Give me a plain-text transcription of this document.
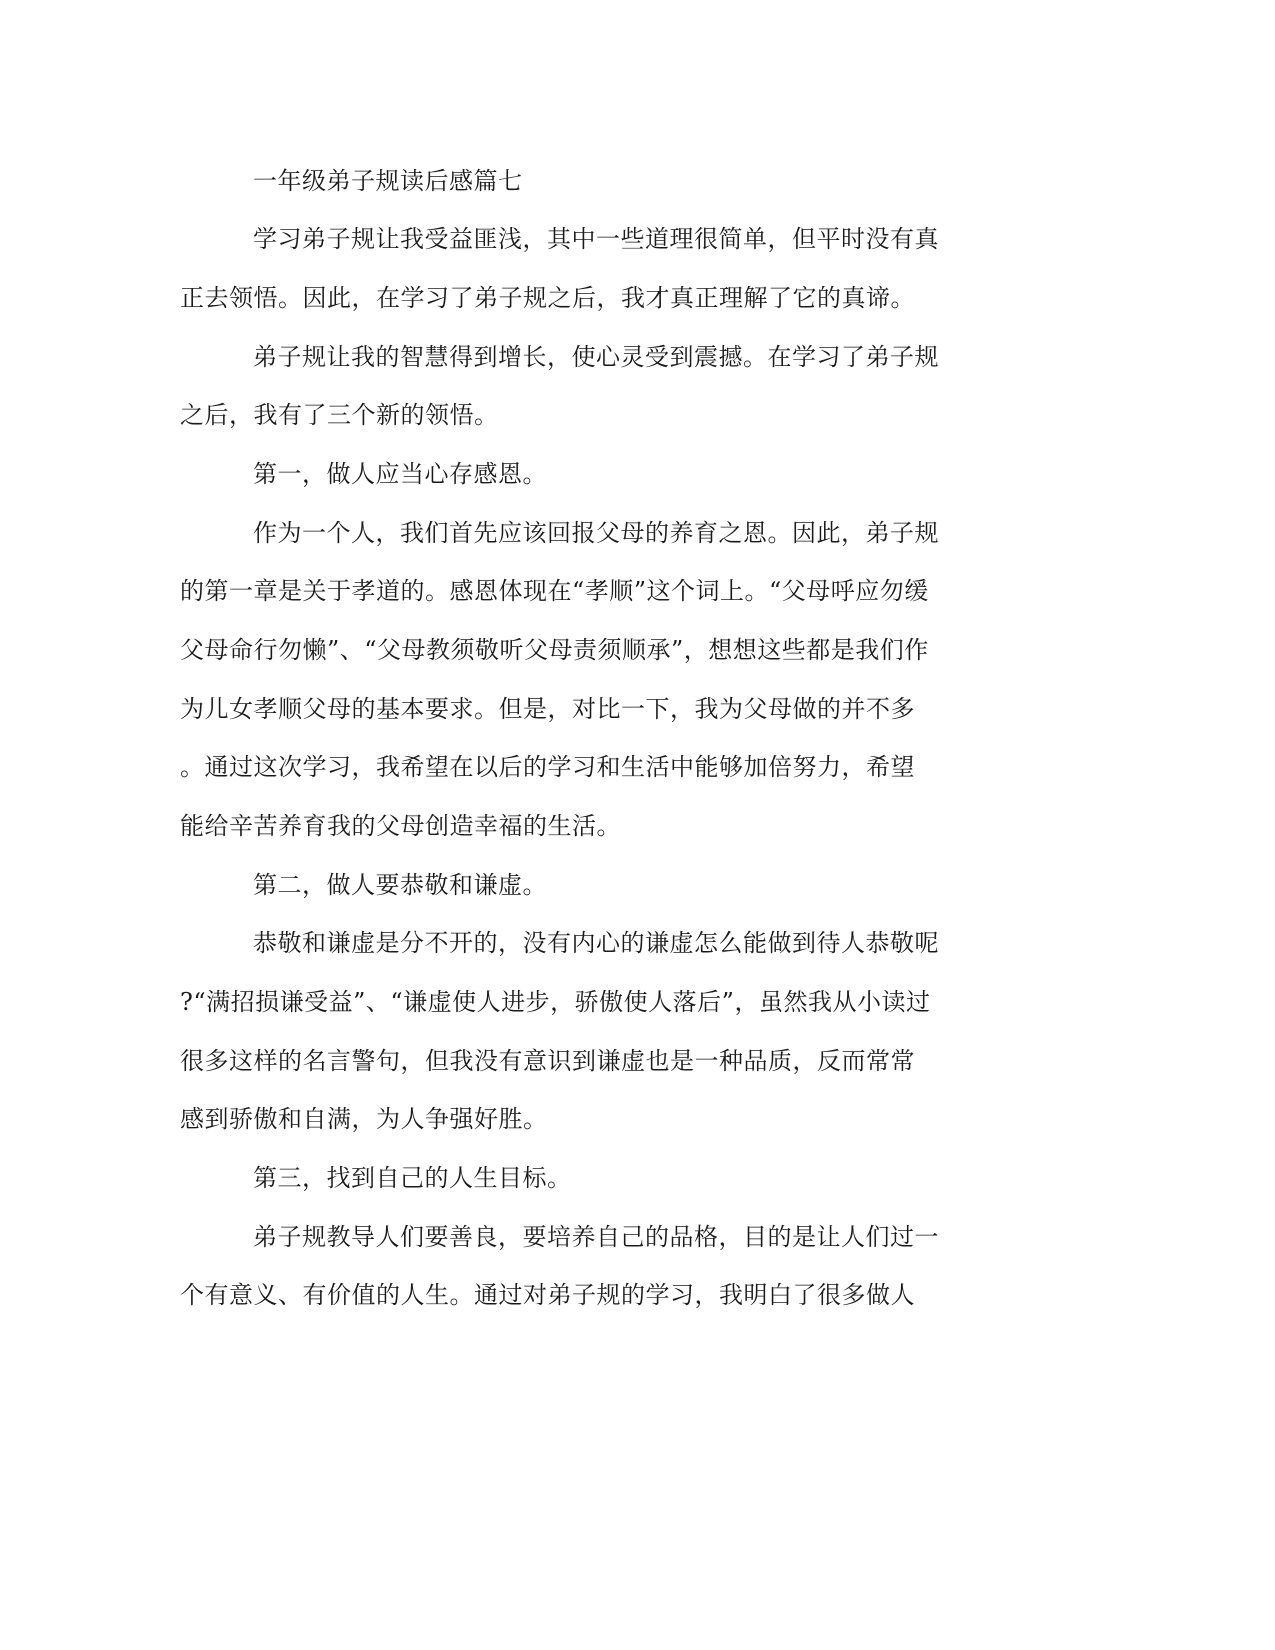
一年级弟子规读后感篇七
学习弟子规让我受益匪浅，其中一些道理很简单，但平时没有真
正去领悟。因此，在学习了弟子规之后，我才真正理解了它的真谛。
弟子规让我的智慧得到增长，使心灵受到震撼。在学习了弟子规
之后，我有了三个新的领悟。
第一，做人应当心存感恩。
作为一个人，我们首先应该回报父母的养育之恩。因此，弟子规
的第一章是关于孝道的。感恩体现在“孝顺”这个词上。“父母呼应勿缓
父母命行勿懒”、“父母教须敬听父母责须顺承”，想想这些都是我们作
为儿女孝顺父母的基本要求。但是，对比一下，我为父母做的并不多
。通过这次学习，我希望在以后的学习和生活中能够加倍努力，希望
能给辛苦养育我的父母创造幸福的生活。
第二，做人要恭敬和谦虚。
恭敬和谦虚是分不开的，没有内心的谦虚怎么能做到待人恭敬呢
?“满招损谦受益”、“谦虚使人进步，骄傲使人落后”，虽然我从小读过
很多这样的名言警句，但我没有意识到谦虚也是一种品质，反而常常
感到骄傲和自满，为人争强好胜。
第三，找到自己的人生目标。
弟子规教导人们要善良，要培养自己的品格，目的是让人们过一
个有意义、有价值的人生。通过对弟子规的学习，我明白了很多做人
